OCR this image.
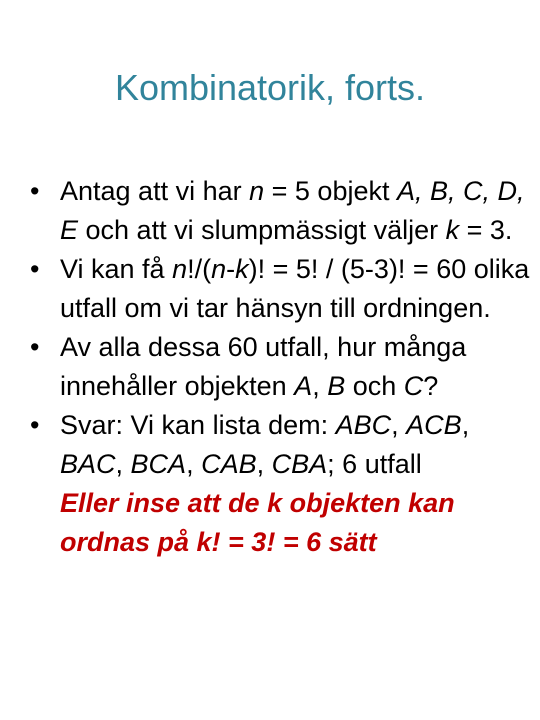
Kombinatorik, forts.
• Antag att vi har n = 5 objekt A, B, C, D, E och att vi slumpmässigt väljer k = 3.
• Vi kan få n!/(n-k)! = 5! / (5-3)! = 60 olika utfall om vi tar hänsyn till ordningen.
• Av alla dessa 60 utfall, hur många innehåller objekten A, B och C?
• Svar: Vi kan lista dem: ABC, ACB, BAC, BCA, CAB, CBA; 6 utfall
Eller inse att de k objekten kan ordnas på k! = 3! = 6 sätt
